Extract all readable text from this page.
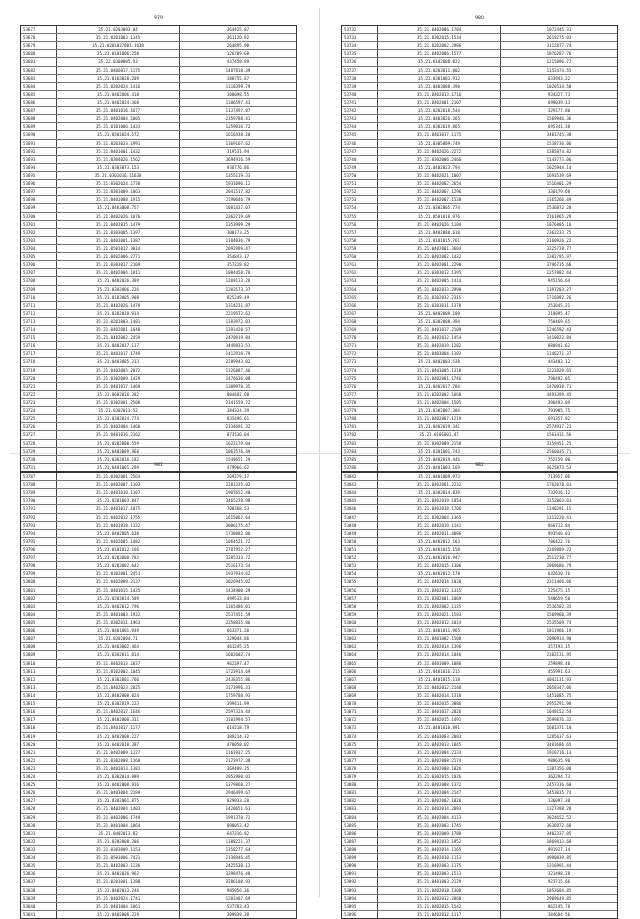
979
53677	35.21.0203003.84	364425.87
53678	35.21.0201003.1345	361120.92
53679	35.21.0201037001.1638	264895.90
53680	35.21.0101006.258	126709.60
53681	35.22.0308005.93	437458.89
53682	35.21.0406017.1175	1487818.39
53683	35.21.0103028.209	388755.87
53684	35.21.0202024.1416	1110399.79
53685	35.21.0402006.418	308098.55
53686	35.21.0402024.360	1186597.43
53687	35.21.0401016.1677	1137497.87
53688	35.21.0402004.1805	2359788.41
53689	35.21.0101006.1433	1259016.72
53690	35.21.0501024.572	1616438.20
53691	35.21.0203023.1991	1369167.62
53692	35.21.0401001.1432	319531.94
53693	35.21.0304026.1562	3694916.59
53694	35.21.0303073.153	936776.86
53695	35.21.0301016.11638	1355119.33
53696	35.21.0302024.1738	1931096.12
53697	35.21.0301009.1063	2041517.82
53698	35.21.0401008.1915	2190646.79
53699	35.21.0403008.757	1081437.07
53700	35.21.0402026.1076	2362719.69
53701	35.21.0401015.1479	1353909.29
53702	35.21.0303005.1397	300173.25
53703	35.21.0401001.1387	1104036.79
53704	35.21.0501012.3014	2092999.47
53705	35.21.0402006.2771	354843.17
53706	35.21.0301017.2109	357228.82
53707	35.21.0402004.1811	1084458.70
53708	35.21.0402026.389	1209113.26
53709	35.21.0302006.226	1203573.37
53710	35.21.0103005.908	825249.49
53711	35.21.0402026.1479	1314231.87
53712	35.21.0302018.914	2219572.62
53713	35.21.0201003.1481	1183972.01
53714	35.21.0402001.1648	1391428.57
53715	35.21.0402002.2459	2470919.84
53716	35.21.0402017.117	3449833.51
53717	35.21.0401017.1749	1412916.79
53718	35.21.0403005.313	2289943.02
53719	35.21.0402005.2072	1326887.46
53720	35.21.0302009.1429	1476636.08
53721	35.21.0401017.1469	1309970.35
53722	35.21.0602016.382	804482.60
53723	35.21.0302001.2508	2341559.72
53724	35.21.0302013.52	384324.29
53725	35.21.0302024.774	835496.61
53726	35.21.0402004.1460	2334691.32
53727	35.21.0401016.2162	873536.04
53728	35.21.0202008.559	1622179.04
53729	35.21.0403009.960	1063576.49
53730	35.21.0302016.182	1549651.29
53731	35.21.0401001.299	479966.62
980
53732	35.21.0402006.1784	1072445.31
53733	35.21.0302015.1534	2619275.03
53734	35.21.0202002.2986	3112877.74
53735	35.21.0402006.1577	1876287.76
53736	35.21.0102008.822	1215896.72
53737	35.21.0203011.802	1152474.55
53738	35.21.0301003.912	633943.22
53739	35.21.0403008.390	1020534.50
53740	35.21.0402013.1716	934327.73
53741	35.21.0402001.2107	699039.13
53742	35.21.0202018.544	329177.80
53743	35.21.0403026.365	1569946.36
53744	35.21.0302019.865	695341.38
53745	35.21.0403017.1175	3401745.38
53746	35.21.0305009.749	1538736.06
53747	35.21.0402026.2272	1385874.82
53748	35.21.0302006.2466	1143773.06
53749	35.21.0402023.794	1025944.14
53750	35.21.0402021.1007	1693539.69
53751	35.21.0402002.2654	1516401.29
53752	35.21.0402007.1296	336479.68
53753	35.21.0402007.1538	1165266.49
53754	35.21.0302005.774	1536872.20
53755	35.21.0501018.976	2761865.29
53756	35.21.0402026.1104	1076805.16
53757	35.21.0402008.610	2362233.75
53758	35.21.0101015.761	2160926.22
53759	35.21.0402001.3604	3225738.77
53760	35.21.0402002.1432	1382795.97
53761	35.21.0402001.2290	3796735.66
53762	35.21.0303012.1395	1257882.44
53763	35.21.0402005.1414	945156.64
53764	35.21.0402013.2998	1397203.27
53765	35.21.0302032.2315	1716992.26
53766	35.21.0303011.1378	253045.21
53767	35.21.0402009.109	218895.47
53768	35.21.0302008.394	750469.65
53769	35.21.0401017.2109	1246592.43
53770	35.21.0402012.1454	1410022.84
53771	35.21.0402019.1282	880941.62
53772	35.21.0403004.1102	1146271.37
53773	35.21.0402003.538	443403.12
53774	35.21.0403005.1318	1221829.65
53775	35.21.0402001.1746	796492.05
53776	35.21.0402017.784	1470930.71
53777	35.21.0202002.1668	4491399.45
53778	35.21.0402004.1505	396493.09
53779	35.21.0302007.304	791905.75
53780	35.21.0402007.1219	691357.92
53781	35.21.0402019.341	2574937.21
53782	35.21.0101001.47	1561411.56
53783	35.21.0302009.2158	3159451.25
53784	35.21.0301001.743	2566035.71
53785	35.21.0402019.446	752159.00
53786	35.21.0401003.169	3625873.53
981
53787	35.21.0302001.2564	269379.17
53788	35.21.0402007.1103	2281335.02
53789	35.21.0401010.1107	1907652.40
53790	35.21.0201003.847	3465278.98
53791	35.21.0401017.1075	708368.53
53792	35.21.0402012.1755	1615067.64
53793	35.21.0401018.1132	3006175.47
53794	35.21.0402005.638	1730882.06
53795	35.21.0402005.1482	1064521.72
53796	35.21.0101012.166	2787952.27
53797	35.21.0203008.783	3285333.72
53798	35.21.0203002.642	2516173.54
53799	35.21.0302001.2451	1937934.62
53800	35.21.0402009.2137	3026945.02
53801	35.21.0401015.1435	1434900.29
53802	35.21.0203014.509	499533.84
53803	35.21.0402012.796	1165486.01
53804	35.21.0401003.1932	2537451.59
53805	35.21.0302011.1963	2258835.86
53806	35.21.0401001.949	663371.20
53807	35.21.0302004.71	329044.86
53808	35.21.0403002.464	461245.25
53809	35.21.0302011.814	1602602.74
53810	35.21.0402013.1037	962397.47
53811	35.21.0102002.1045	1723914.69
53812	35.21.0302001.760	2438355.86
53813	35.21.0402023.2025	3173996.31
53814	35.21.0402008.824	1759788.93
53815	35.21.0302019.223	399411.99
53816	35.21.0402017.1646	2597324.44
53817	35.21.0402008.311	3101994.57
53818	35.21.0401017.1177	614218.79
53819	35.21.0402008.227	389214.32
53820	35.21.0402010.387	470058.02
53821	35.21.0402009.1127	1161937.25
53822	35.21.0302008.1168	2173977.38
53823	35.21.0401013.1381	369409.35
53824	35.21.0302014.889	2052980.01
53825	35.21.0402008.816	1379868.27
53826	35.21.0403004.2199	2946499.67
53827	35.21.0302001.875	829033.20
53828	35.21.0402004.1403	1420651.61
53829	35.21.0402006.1749	1991370.72
53830	35.21.0401004.1064	898053.42
53831	35.21.0402013.82	647316.82
53832	35.21.0202008.206	1188221.37
53833	35.21.0303009.1153	1358277.64
53834	35.21.0501006.7421	2138946.45
53835	35.21.0402003.1136	2425538.12
53836	35.21.0402026.962	3298476.48
53837	35.21.0201001.1288	3286108.93
53838	35.21.0402013.246	985056.36
53839	35.21.0402024.1741	1283407.69
53840	35.21.0401004.1061	537783.43
53841	35.21.0402006.229	309839.38
982
53842	35.21.0401009.973	713957.06
53843	35.21.0402001.2232	1762078.01
53844	35.21.0302014.839	732916.12
53845	35.21.0402019.1054	3152863.01
53846	35.21.0402018.1706	1140291.15
53847	35.21.0302004.1365	1113220.41
53848	35.21.0402019.1141	866713.84
53849	35.21.0402011.4086	993546.83
53850	35.21.0402012.163	786422.76
53851	35.21.0401015.158	2169889.22
53852	35.21.0402016.947	3513730.77
53853	35.21.0402015.1306	2069686.79
53854	35.21.0402012.178	632630.76
53855	35.21.0402014.1020	2311466.86
53856	35.21.0402012.1315	225475.15
53857	35.21.0302001.1069	540659.50
53858	35.21.0402002.1135	2536502.35
53859	35.21.0402021.1583	1509960.39
53860	35.21.0402012.1014	2535509.74
53861	35.21.0401011.965	1811966.19
53862	35.21.0401002.1508	2090914.90
53863	35.21.0402014.1396	357193.15
53864	35.21.0402014.1046	2102131.95
53865	35.21.0401009.1088	259898.40
53866	35.21.0401016.215	455991.63
53867	35.21.0401015.118	4042131.93
53868	35.21.0402012.2148	2058347.06
53869	35.21.0402014.1318	1451085.75
53870	35.21.0402015.3086	2955291.98
53871	35.21.0401017.2026	1048152.54
53872	35.21.0402015.1491	2699876.32
53873	35.21.0401010.891	1601371.10
53874	35.21.0403003.2083	1285637.61
53875	35.21.0402013.1845	3403686.65
53876	35.21.0402004.2133	1918716.13
53877	35.21.0402008.2174	988635.90
53878	35.21.0402008.1026	1307356.00
53879	35.21.0302015.1026	362294.73
53880	35.21.0402008.1372	2457336.60
53881	35.21.0402004.2147	3453035.74
53882	35.21.0402002.1026	136097.30
53883	35.21.0402014.2093	1327398.28
53884	35.21.0402004.4113	3824652.52
53885	35.21.0402003.1745	3636972.68
53886	35.21.0402009.1788	3402337.05
53887	35.21.0402013.1852	1869413.68
53888	35.21.0402014.1165	991927.14
53889	35.21.0402010.1113	4990839.85
53890	35.21.0402003.1175	1316991.44
53891	35.21.0402003.1513	321498.28
53892	35.21.0401003.2129	923715.66
53893	35.21.0402018.1308	1853604.85
53894	35.21.0402012.2060	2909649.85
53895	35.21.0402015.1542	862195.78
53896	35.21.0402012.1117	384684.56
